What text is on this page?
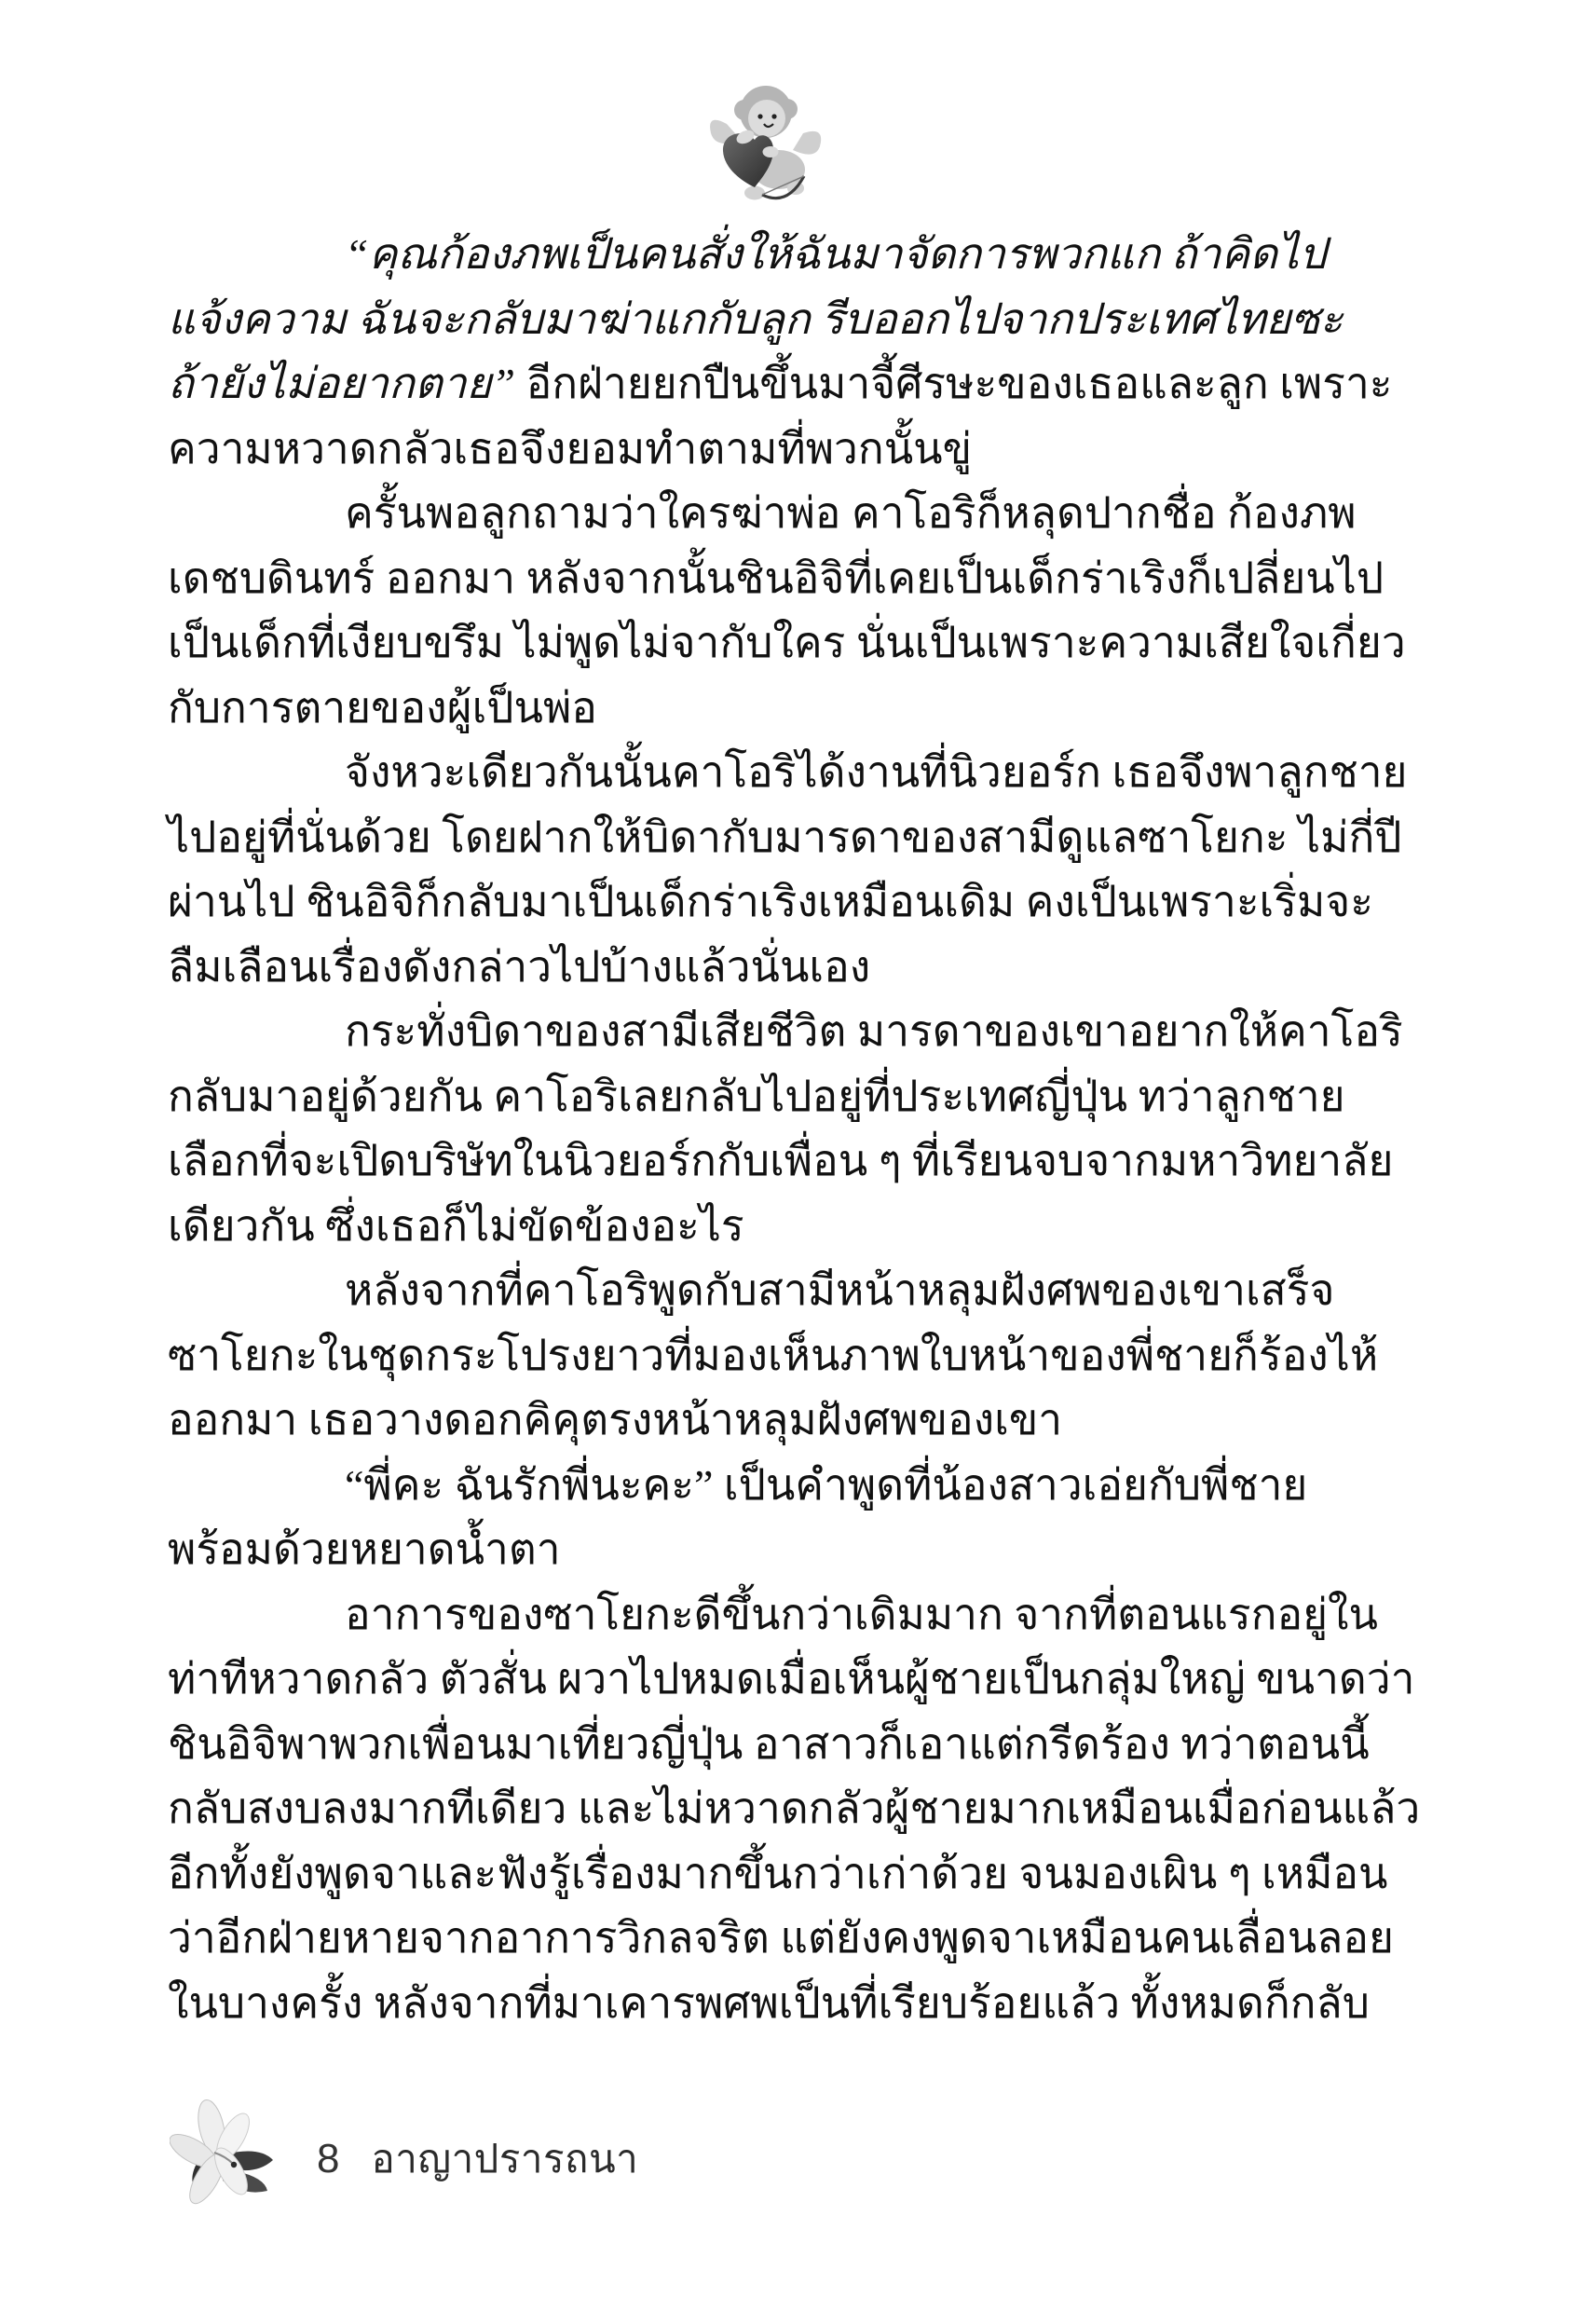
“คุณก้องภพเป็นคนสั่งให้ฉันมาจัดการพวกแก ถ้าคิดไป
แจ้งความ ฉันจะกลับมาฆ่าแกกับลูก รีบออกไปจากประเทศไทยซะ
ถ้ายังไม่อยากตาย” อีกฝ่ายยกปืนขึ้นมาจี้ศีรษะของเธอและลูก เพราะ
ความหวาดกลัวเธอจึงยอมทำตามที่พวกนั้นขู่
ครั้นพอลูกถามว่าใครฆ่าพ่อ คาโอริก็หลุดปากชื่อ ก้องภพ
เดชบดินทร์ ออกมา หลังจากนั้นชินอิจิที่เคยเป็นเด็กร่าเริงก็เปลี่ยนไป
เป็นเด็กที่เงียบขรึม ไม่พูดไม่จากับใคร นั่นเป็นเพราะความเสียใจเกี่ยว
กับการตายของผู้เป็นพ่อ
จังหวะเดียวกันนั้นคาโอริได้งานที่นิวยอร์ก เธอจึงพาลูกชาย
ไปอยู่ที่นั่นด้วย โดยฝากให้บิดากับมารดาของสามีดูแลซาโยกะ ไม่กี่ปี
ผ่านไป ชินอิจิก็กลับมาเป็นเด็กร่าเริงเหมือนเดิม คงเป็นเพราะเริ่มจะ
ลืมเลือนเรื่องดังกล่าวไปบ้างแล้วนั่นเอง
กระทั่งบิดาของสามีเสียชีวิต มารดาของเขาอยากให้คาโอริ
กลับมาอยู่ด้วยกัน คาโอริเลยกลับไปอยู่ที่ประเทศญี่ปุ่น ทว่าลูกชาย
เลือกที่จะเปิดบริษัทในนิวยอร์กกับเพื่อน ๆ ที่เรียนจบจากมหาวิทยาลัย
เดียวกัน ซึ่งเธอก็ไม่ขัดข้องอะไร
หลังจากที่คาโอริพูดกับสามีหน้าหลุมฝังศพของเขาเสร็จ
ซาโยกะในชุดกระโปรงยาวที่มองเห็นภาพใบหน้าของพี่ชายก็ร้องไห้
ออกมา เธอวางดอกคิคุตรงหน้าหลุมฝังศพของเขา
“พี่คะ ฉันรักพี่นะคะ” เป็นคำพูดที่น้องสาวเอ่ยกับพี่ชาย
พร้อมด้วยหยาดน้ำตา
อาการของซาโยกะดีขึ้นกว่าเดิมมาก จากที่ตอนแรกอยู่ใน
ท่าทีหวาดกลัว ตัวสั่น ผวาไปหมดเมื่อเห็นผู้ชายเป็นกลุ่มใหญ่ ขนาดว่า
ชินอิจิพาพวกเพื่อนมาเที่ยวญี่ปุ่น อาสาวก็เอาแต่กรีดร้อง ทว่าตอนนี้
กลับสงบลงมากทีเดียว และไม่หวาดกลัวผู้ชายมากเหมือนเมื่อก่อนแล้ว
อีกทั้งยังพูดจาและฟังรู้เรื่องมากขึ้นกว่าเก่าด้วย จนมองเผิน ๆ เหมือน
ว่าอีกฝ่ายหายจากอาการวิกลจริต แต่ยังคงพูดจาเหมือนคนเลื่อนลอย
ในบางครั้ง หลังจากที่มาเคารพศพเป็นที่เรียบร้อยแล้ว ทั้งหมดก็กลับ
8 อาญาปรารถนา
